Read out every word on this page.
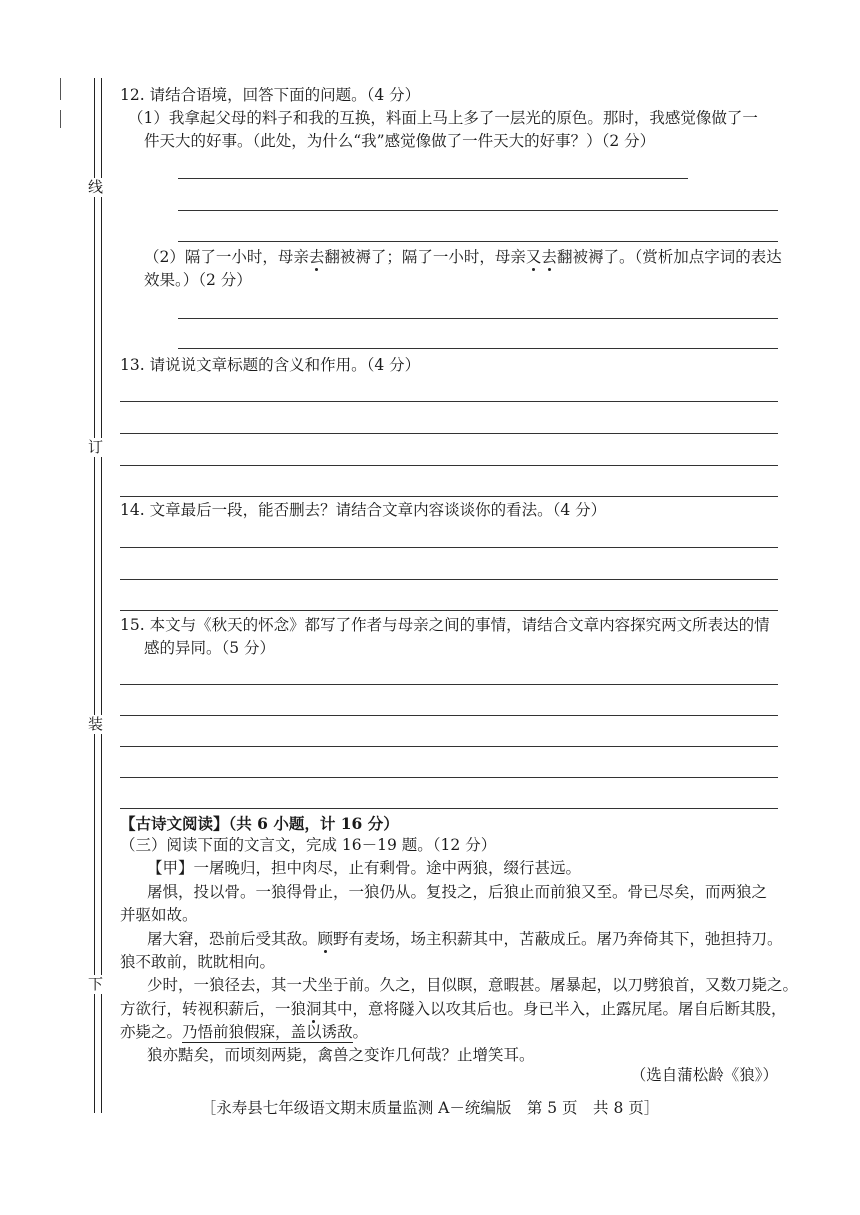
线
订
装
下
12. 请结合语境，回答下面的问题。（4 分）
（1）我拿起父母的料子和我的互换，料面上马上多了一层光的原色。那时，我感觉像做了一
件天大的好事。（此处，为什么“我”感觉像做了一件天大的好事？）（2 分）
（2）隔了一小时，母亲去翻被褥了；隔了一小时，母亲又去翻被褥了。（赏析加点字词的表达
效果。）（2 分）
13. 请说说文章标题的含义和作用。（4 分）
14. 文章最后一段，能否删去？请结合文章内容谈谈你的看法。（4 分）
15. 本文与《秋天的怀念》都写了作者与母亲之间的事情，请结合文章内容探究两文所表达的情
感的异同。（5 分）
【古诗文阅读】（共 6 小题，计 16 分）
（三）阅读下面的文言文，完成 16－19 题。（12 分）
【甲】一屠晚归，担中肉尽，止有剩骨。途中两狼，缀行甚远。
屠惧，投以骨。一狼得骨止，一狼仍从。复投之，后狼止而前狼又至。骨已尽矣，而两狼之
并驱如故。
屠大窘，恐前后受其敌。顾野有麦场，场主积薪其中，苫蔽成丘。屠乃奔倚其下，弛担持刀。
狼不敢前，眈眈相向。
少时，一狼径去，其一犬坐于前。久之，目似瞑，意暇甚。屠暴起，以刀劈狼首，又数刀毙之。
方欲行，转视积薪后，一狼洞其中，意将隧入以攻其后也。身已半入，止露尻尾。屠自后断其股，
亦毙之。乃悟前狼假寐，盖以诱敌。
狼亦黠矣，而顷刻两毙，禽兽之变诈几何哉？止增笑耳。
（选自蒲松龄《狼》）
［永寿县七年级语文期末质量监测 A－统编版　第 5 页　共 8 页］
